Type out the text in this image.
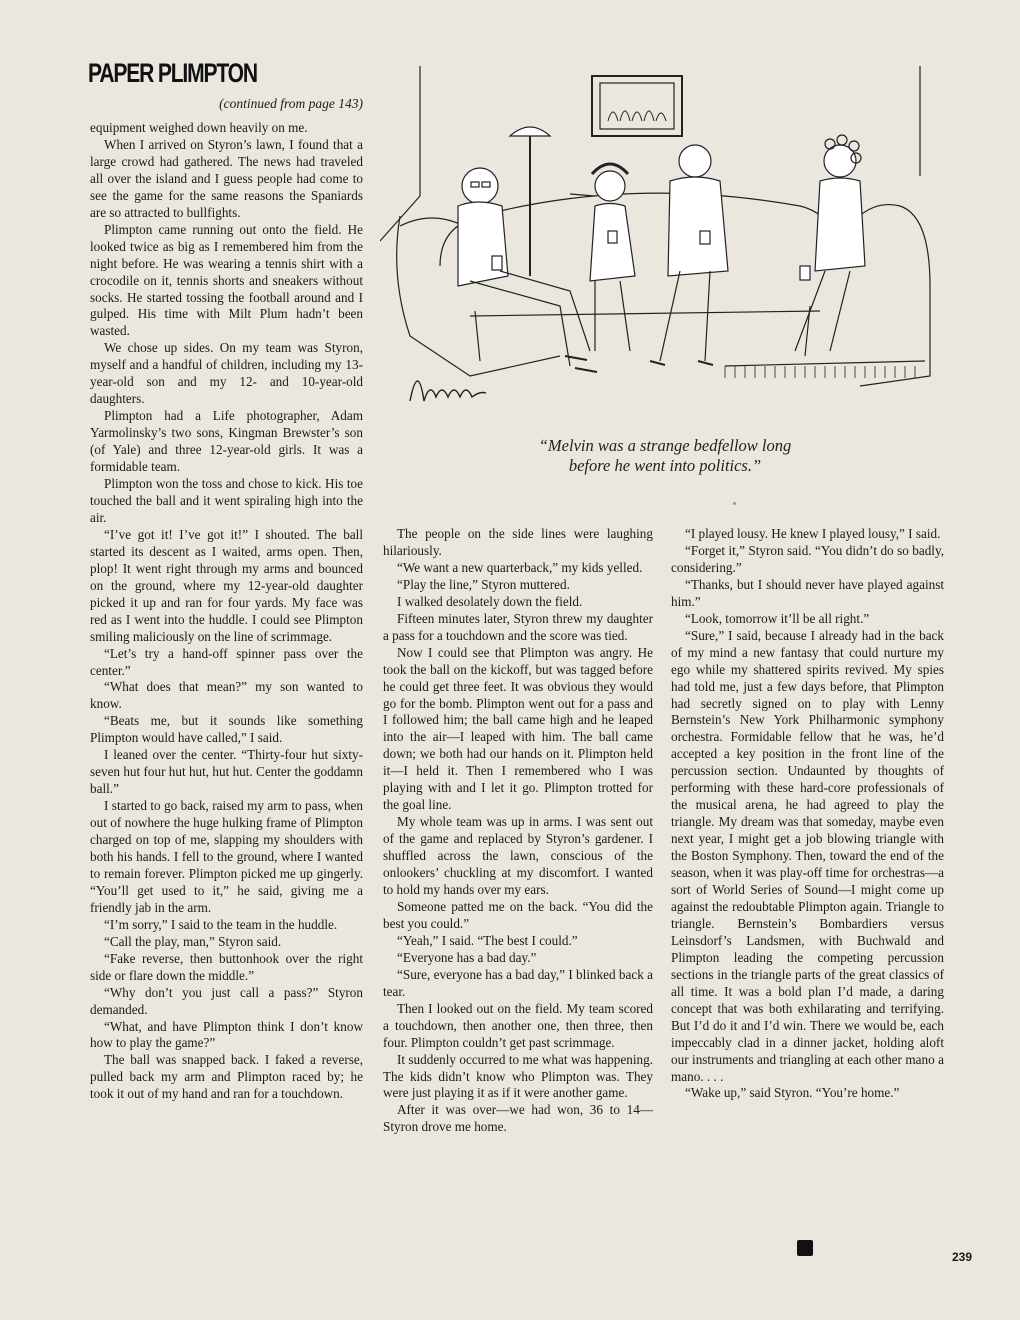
PAPER PLIMPTON
(continued from page 143)

equipment weighed down heavily on me.

When I arrived on Styron’s lawn, I found that a large crowd had gathered. The news had traveled all over the island and I guess people had come to see the game for the same reasons the Spaniards are so attracted to bullfights.

Plimpton came running out onto the field. He looked twice as big as I remembered him from the night before. He was wearing a tennis shirt with a crocodile on it, tennis shorts and sneakers without socks. He started tossing the football around and I gulped. His time with Milt Plum hadn’t been wasted.

We chose up sides. On my team was Styron, myself and a handful of children, including my 13-year-old son and my 12- and 10-year-old daughters.

Plimpton had a Life photographer, Adam Yarmolinsky’s two sons, Kingman Brewster’s son (of Yale) and three 12-year-old girls. It was a formidable team.

Plimpton won the toss and chose to kick. His toe touched the ball and it went spiraling high into the air.

“I’ve got it! I’ve got it!” I shouted. The ball started its descent as I waited, arms open. Then, plop! It went right through my arms and bounced on the ground, where my 12-year-old daughter picked it up and ran for four yards. My face was red as I went into the huddle. I could see Plimpton smiling maliciously on the line of scrimmage.

“Let’s try a hand-off spinner pass over the center.”

“What does that mean?” my son wanted to know.

“Beats me, but it sounds like something Plimpton would have called,” I said.

I leaned over the center. “Thirty-four hut sixty-seven hut four hut hut, hut hut. Center the goddamn ball.”

I started to go back, raised my arm to pass, when out of nowhere the huge hulking frame of Plimpton charged on top of me, slapping my shoulders with both his hands. I fell to the ground, where I wanted to remain forever. Plimpton picked me up gingerly. “You’ll get used to it,” he said, giving me a friendly jab in the arm.

“I’m sorry,” I said to the team in the huddle.

“Call the play, man,” Styron said.

“Fake reverse, then buttonhook over the right side or flare down the middle.”

“Why don’t you just call a pass?” Styron demanded.

“What, and have Plimpton think I don’t know how to play the game?”

The ball was snapped back. I faked a reverse, pulled back my arm and Plimpton raced by; he took it out of my hand and ran for a touchdown.

“Melvin was a strange bedfellow long
before he went into politics.”

The people on the side lines were laughing hilariously.

“We want a new quarterback,” my kids yelled.

“Play the line,” Styron muttered.

I walked desolately down the field.

Fifteen minutes later, Styron threw my daughter a pass for a touchdown and the score was tied.

Now I could see that Plimpton was angry. He took the ball on the kickoff, but was tagged before he could get three feet. It was obvious they would go for the bomb. Plimpton went out for a pass and I followed him; the ball came high and he leaped into the air—I leaped with him. The ball came down; we both had our hands on it. Plimpton held it—I held it. Then I remembered who I was playing with and I let it go. Plimpton trotted for the goal line.

My whole team was up in arms. I was sent out of the game and replaced by Styron’s gardener. I shuffled across the lawn, conscious of the onlookers’ chuckling at my discomfort. I wanted to hold my hands over my ears.

Someone patted me on the back. “You did the best you could.”

“Yeah,” I said. “The best I could.”

“Everyone has a bad day.”

“Sure, everyone has a bad day,” I blinked back a tear.

Then I looked out on the field. My team scored a touchdown, then another one, then three, then four. Plimpton couldn’t get past scrimmage.

It suddenly occurred to me what was happening. The kids didn’t know who Plimpton was. They were just playing it as if it were another game.

After it was over—we had won, 36 to 14—Styron drove me home.

“I played lousy. He knew I played lousy,” I said.

“Forget it,” Styron said. “You didn’t do so badly, considering.”

“Thanks, but I should never have played against him.”

“Look, tomorrow it’ll be all right.”

“Sure,” I said, because I already had in the back of my mind a new fantasy that could nurture my ego while my shattered spirits revived. My spies had told me, just a few days before, that Plimpton had secretly signed on to play with Lenny Bernstein’s New York Philharmonic symphony orchestra. Formidable fellow that he was, he’d accepted a key position in the front line of the percussion section. Undaunted by thoughts of performing with these hard-core professionals of the musical arena, he had agreed to play the triangle. My dream was that someday, maybe even next year, I might get a job blowing triangle with the Boston Symphony. Then, toward the end of the season, when it was play-off time for orchestras—a sort of World Series of Sound—I might come up against the redoubtable Plimpton again. Triangle to triangle. Bernstein’s Bombardiers versus Leinsdorf’s Landsmen, with Buchwald and Plimpton leading the competing percussion sections in the triangle parts of the great classics of all time. It was a bold plan I’d made, a daring concept that was both exhilarating and terrifying. But I’d do it and I’d win. There we would be, each impeccably clad in a dinner jacket, holding aloft our instruments and triangling at each other mano a mano. . . .

“Wake up,” said Styron. “You’re home.”

239
